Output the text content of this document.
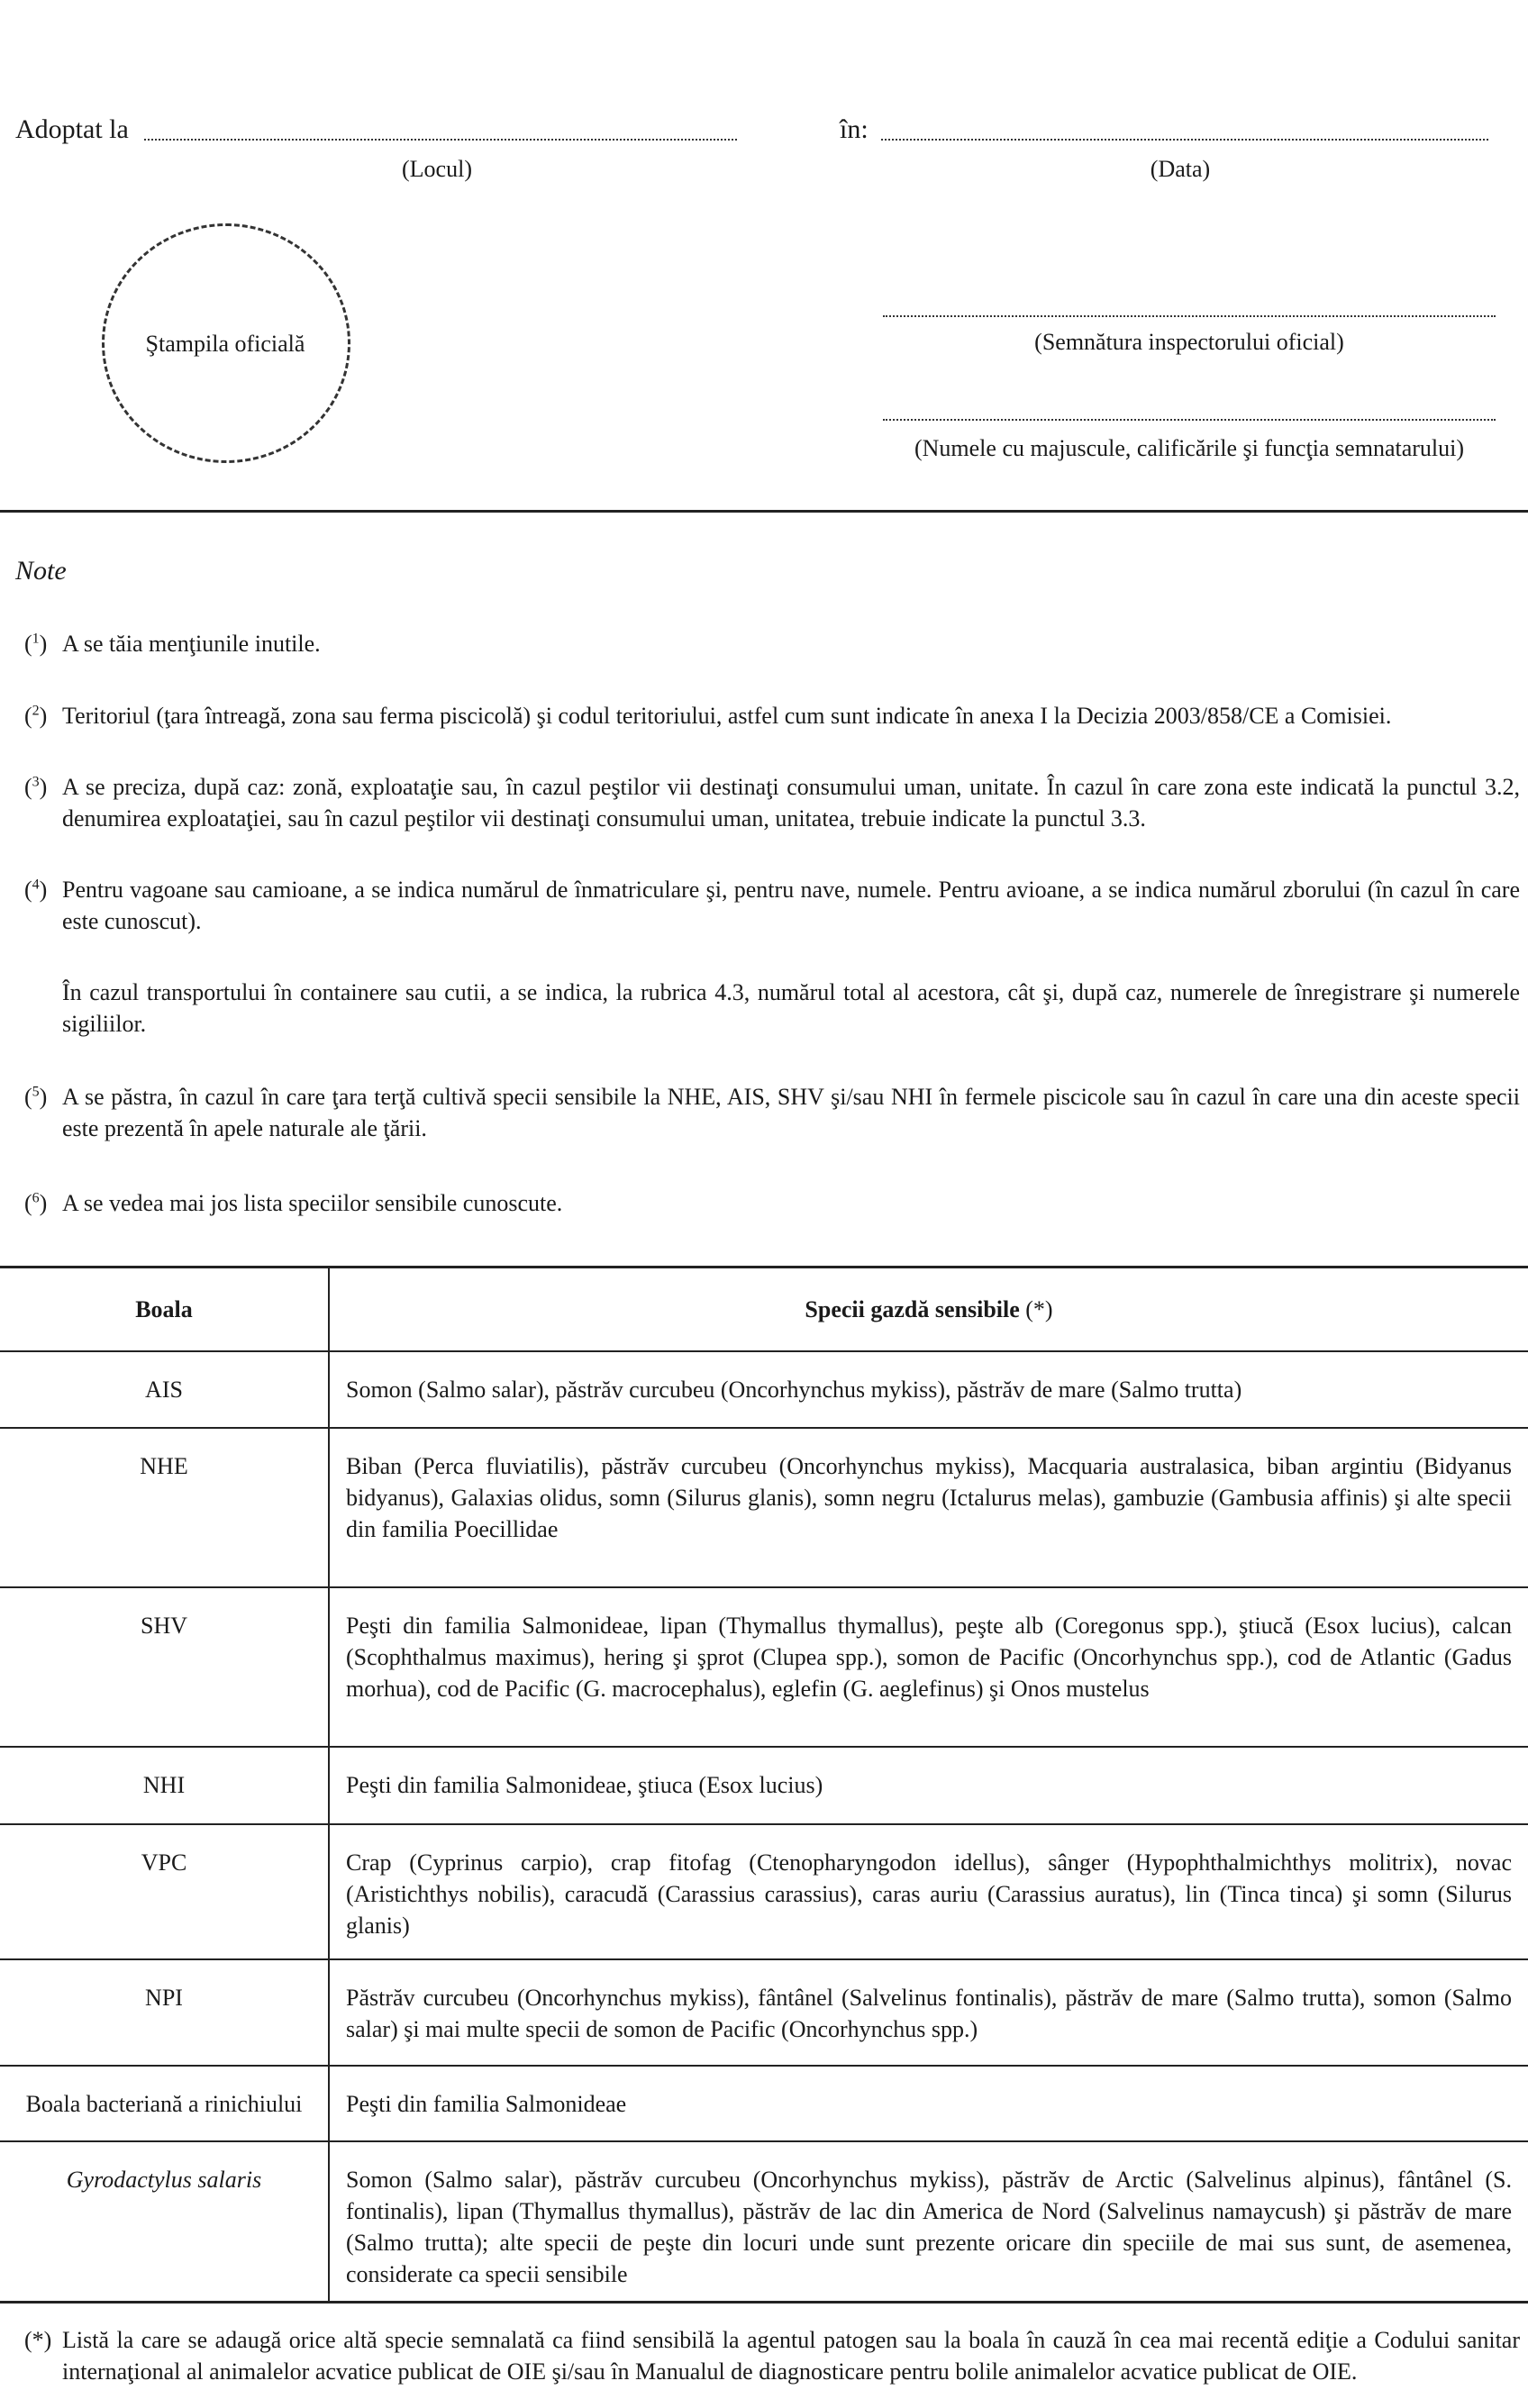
Adoptat la
(Locul)
în:
(Data)
Ştampila oficială	(Semnătura inspectorului oficial)
(Numele cu majuscule, calificările şi funcţia semnatarului)
Note
($^1$) A se tăia menţiunile inutile.
($^2$) Teritoriul (ţara întreagă, zona sau ferma piscicolă) şi codul teritoriului, astfel cum sunt indicate în anexa I la Decizia 2003/858/CE a Comisiei.
($^3$) A se preciza, după caz: zonă, exploataţie sau, în cazul peştilor vii destinaţi consumului uman, unitate. În cazul în care zona este indicată la punctul 3.2, denumirea exploataţiei, sau în cazul peştilor vii destinaţi consumului uman, unitatea, trebuie indicate la punctul 3.3.
($^4$) Pentru vagoane sau camioane, a se indica numărul de înmatriculare şi, pentru nave, numele. Pentru avioane, a se indica numărul zborului (în cazul în care este cunoscut).
În cazul transportului în containere sau cutii, a se indica, la rubrica 4.3, numărul total al acestora, cât şi, după caz, numerele de înregistrare şi numerele sigiliilor.
($^5$) A se păstra, în cazul în care ţara terţă cultivă specii sensibile la NHE, AIS, SHV şi/sau NHI în fermele piscicole sau în cazul în care una din aceste specii este prezentă în apele naturale ale ţării.
($^6$) A se vedea mai jos lista speciilor sensibile cunoscute.
Boala	Specii gazdă sensibile (*)
AIS	Somon (Salmo salar), păstrăv curcubeu (Oncorhynchus mykiss), păstrăv de mare (Salmo trutta)
NHE	Biban (Perca fluviatilis), păstrăv curcubeu (Oncorhynchus mykiss), Macquaria australasica, biban argintiu (Bidyanus bidyanus), Galaxias olidus, somn (Silurus glanis), somn negru (Ictalurus melas), gambuzie (Gambusia affinis) şi alte specii din familia Poecillidae
SHV	Peşti din familia Salmonideae, lipan (Thymallus thymallus), peşte alb (Coregonus spp.), ştiucă (Esox lucius), calcan (Scophthalmus maximus), hering şi şprot (Clupea spp.), somon de Pacific (Oncorhynchus spp.), cod de Atlantic (Gadus morhua), cod de Pacific (G. macrocephalus), eglefin (G. aeglefinus) şi Onos mustelus
NHI	Peşti din familia Salmonideae, ştiuca (Esox lucius)
VPC	Crap (Cyprinus carpio), crap fitofag (Ctenopharyngodon idellus), sânger (Hypophthalmichthys molitrix), novac (Aristichthys nobilis), caracudă (Carassius carassius), caras auriu (Carassius auratus), lin (Tinca tinca) şi somn (Silurus glanis)
NPI	Păstrăv curcubeu (Oncorhynchus mykiss), fântânel (Salvelinus fontinalis), păstrăv de mare (Salmo trutta), somon (Salmo salar) şi mai multe specii de somon de Pacific (Oncorhynchus spp.)
Boala bacteriană a rinichiului	Peşti din familia Salmonideae
Gyrodactylus salaris	Somon (Salmo salar), păstrăv curcubeu (Oncorhynchus mykiss), păstrăv de Arctic (Salvelinus alpinus), fântânel (S. fontinalis), lipan (Thymallus thymallus), păstrăv de lac din America de Nord (Salvelinus namaycush) şi păstrăv de mare (Salmo trutta); alte specii de peşte din locuri unde sunt prezente oricare din speciile de mai sus sunt, de asemenea, considerate ca specii sensibile
(*) Listă la care se adaugă orice altă specie semnalată ca fiind sensibilă la agentul patogen sau la boala în cauză în cea mai recentă ediţie a Codului sanitar internaţional al animalelor acvatice publicat de OIE şi/sau în Manualul de diagnosticare pentru bolile animalelor acvatice publicat de OIE.
